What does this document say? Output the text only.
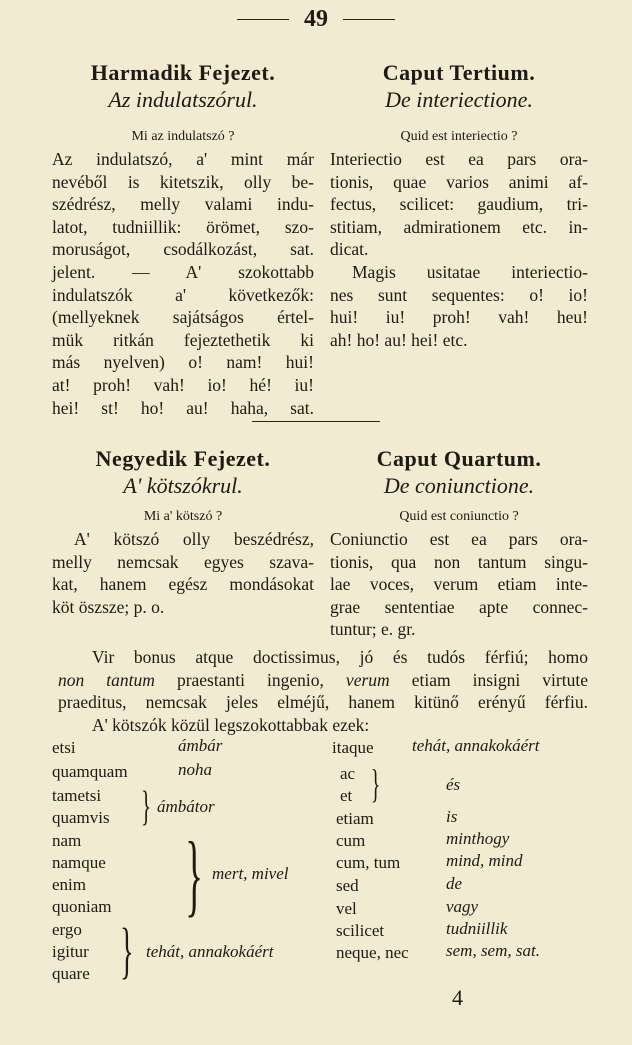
49

Harmadik Fejezet.

Az indulatszórul.

Mi az indulatszó ?

Az indulatszó, a' mint már
nevéből is kitetszik, olly be-
szédrész, melly valami indu-
latot, tudniillik: örömet, szo-
moruságot, csodálkozást, sat.
jelent. — A' szokottabb
indulatszók a' következők:
(mellyeknek sajátságos értel-
mük ritkán fejeztethetik ki
más nyelven) o! nam! hui!
at! proh! vah! io! hé! iu!
hei! st! ho! au! haha, sat.

Caput Tertium.

De interiectione.

Quid est interiectio ?

Interiectio est ea pars ora-
tionis, quae varios animi af-
fectus, scilicet: gaudium, tri-
stitiam, admirationem etc. in-
dicat.
Magis usitatae interiectio-
nes sunt sequentes: o! io!
hui! iu! proh! vah! heu!
ah! ho! au! hei! etc.

Negyedik Fejezet.

A' kötszókrul.

Mi a' kötszó ?

A' kötszó olly beszédrész,
melly nemcsak egyes szava-
kat, hanem egész mondásokat
köt öszsze; p. o.

Caput Quartum.

De coniunctione.

Quid est coniunctio ?

Coniunctio est ea pars ora-
tionis, qua non tantum singu-
lae voces, verum etiam inte-
grae sententiae apte connec-
tuntur; e. gr.
Vir bonus atque doctissimus, jó és tudós férfiú; homo
non tantum praestanti ingenio, verum etiam insigni virtute
praeditus, nemcsak jeles elméjű, hanem kitünő erényű férfiu.
A' kötszók közül legszokottabbak ezek:
etsi	ámbár
quamquam	noha
tametsi
quamvis } ámbátor
nam
namque
enim
quoniam } mert, mivel
ergo
igitur
quare } tehát, annakokáért
itaque tehát, annakokáért
ac
et }	és
etiam	is
cum	minthogy
cum, tum	mind, mind
sed	de
vel	vagy
scilicet	tudniillik
neque, nec sem, sem, sat.
4
